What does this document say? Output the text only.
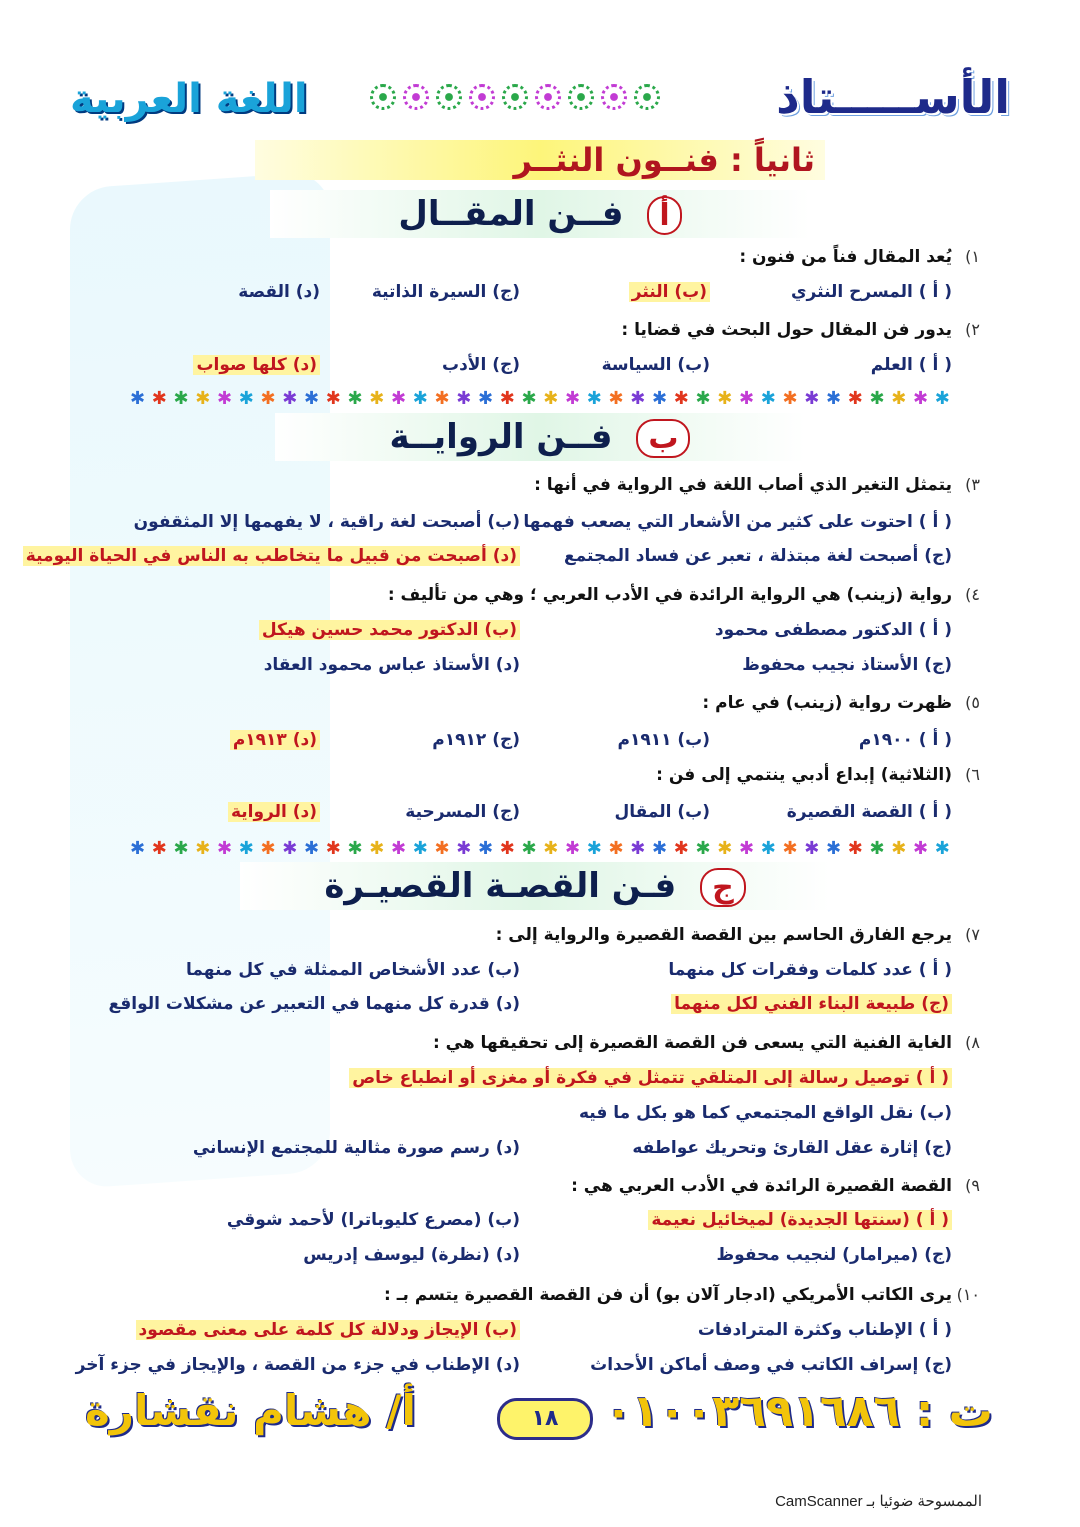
الأســـــتاذ
اللغة العربية
ثانياً : فنــون النثــر
أ فــن المقــال
✱ ✱ ✱ ✱ ✱ ✱ ✱ ✱ ✱ ✱ ✱ ✱ ✱ ✱ ✱ ✱ ✱ ✱ ✱ ✱ ✱ ✱ ✱ ✱ ✱ ✱ ✱ ✱ ✱ ✱ ✱ ✱ ✱ ✱ ✱ ✱ ✱ ✱
ب فــن الروايــة
✱ ✱ ✱ ✱ ✱ ✱ ✱ ✱ ✱ ✱ ✱ ✱ ✱ ✱ ✱ ✱ ✱ ✱ ✱ ✱ ✱ ✱ ✱ ✱ ✱ ✱ ✱ ✱ ✱ ✱ ✱ ✱ ✱ ✱ ✱ ✱ ✱ ✱
ج فـن القصـة القصيـرة
١)
يُعد المقال فناً من فنون :
( أ ) المسرح النثري
(ب) النثر
(ج) السيرة الذاتية
(د) القصة
٢)
يدور فن المقال حول البحث في قضايا :
( أ ) العلم
(ب) السياسة
(ج) الأدب
(د) كلها صواب
٣)
يتمثل التغير الذي أصاب اللغة في الرواية في أنها :
( أ ) احتوت على كثير من الأشعار التي يصعب فهمها
(ب) أصبحت لغة راقية ، لا يفهمها إلا المثقفون
(ج) أصبحت لغة مبتذلة ، تعبر عن فساد المجتمع
(د) أصبحت من قبيل ما يتخاطب به الناس في الحياة اليومية
٤)
رواية (زينب) هي الرواية الرائدة في الأدب العربي ؛ وهي من تأليف :
( أ ) الدكتور مصطفى محمود
(ب) الدكتور محمد حسين هيكل
(ج) الأستاذ نجيب محفوظ
(د) الأستاذ عباس محمود العقاد
٥)
ظهرت رواية (زينب) في عام :
( أ ) ١٩٠٠م
(ب) ١٩١١م
(ج) ١٩١٢م
(د) ١٩١٣م
٦)
(الثلاثية) إبداع أدبي ينتمي إلى فن :
( أ ) القصة القصيرة
(ب) المقال
(ج) المسرحية
(د) الرواية
٧)
يرجع الفارق الحاسم بين القصة القصيرة والرواية إلى :
( أ ) عدد كلمات وفقرات كل منهما
(ب) عدد الأشخاص الممثلة في كل منهما
(ج) طبيعة البناء الفني لكل منهما
(د) قدرة كل منهما في التعبير عن مشكلات الواقع
٨)
الغاية الفنية التي يسعى فن القصة القصيرة إلى تحقيقها هي :
( أ ) توصيل رسالة إلى المتلقي تتمثل في فكرة أو مغزى أو انطباع خاص
(ب) نقل الواقع المجتمعي كما هو بكل ما فيه
(ج) إثارة عقل القارئ وتحريك عواطفه
(د) رسم صورة مثالية للمجتمع الإنساني
٩)
القصة القصيرة الرائدة في الأدب العربي هي :
( أ ) (سنتها الجديدة) لميخائيل نعيمة
(ب) (مصرع كليوباترا) لأحمد شوقي
(ج) (ميرامار) لنجيب محفوظ
(د) (نظرة) ليوسف إدريس
١٠)
يرى الكاتب الأمريكي (ادجار آلان بو) أن فن القصة القصيرة يتسم بـ :
( أ ) الإطناب وكثرة المترادفات
(ب) الإيجاز ودلالة كل كلمة على معنى مقصود
(ج) إسراف الكاتب في وصف أماكن الأحداث
(د) الإطناب في جزء من القصة ، والإيجاز في جزء آخر
ت : ٠١٠٠٣٦٩١٦٨٦
١٨
أ/ هشام نقشارة
الممسوحة ضوئيا بـ CamScanner
